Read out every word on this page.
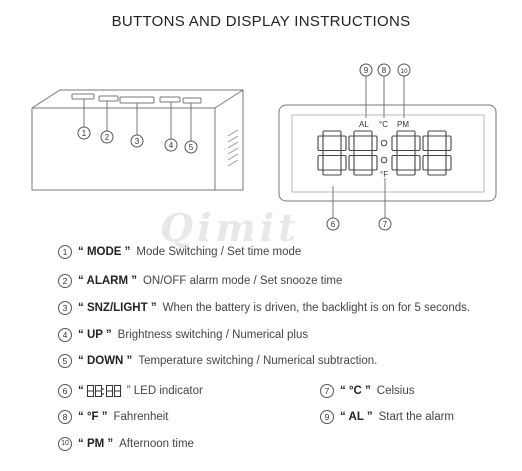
BUTTONS AND DISPLAY INSTRUCTIONS
AL °C PM
°F
1 2	3	4 5
6	7
8
9	10
Qimit
1 “ MODE ” Mode Switching / Set time mode
2 “ ALARM ” ON/OFF alarm mode / Set snooze time
3 “ SNZ/LIGHT ” When the battery is driven, the backlight is on for 5 seconds.
4 “ UP ” Brightness switching / Numerical plus
5 “ DOWN ” Temperature switching / Numerical subtraction.
6 “	” LED indicator	7 “ °C ” Celsius
8 “ °F ” Fahrenheit	9 “ AL ” Start the alarm
10 “ PM ” Afternoon time
